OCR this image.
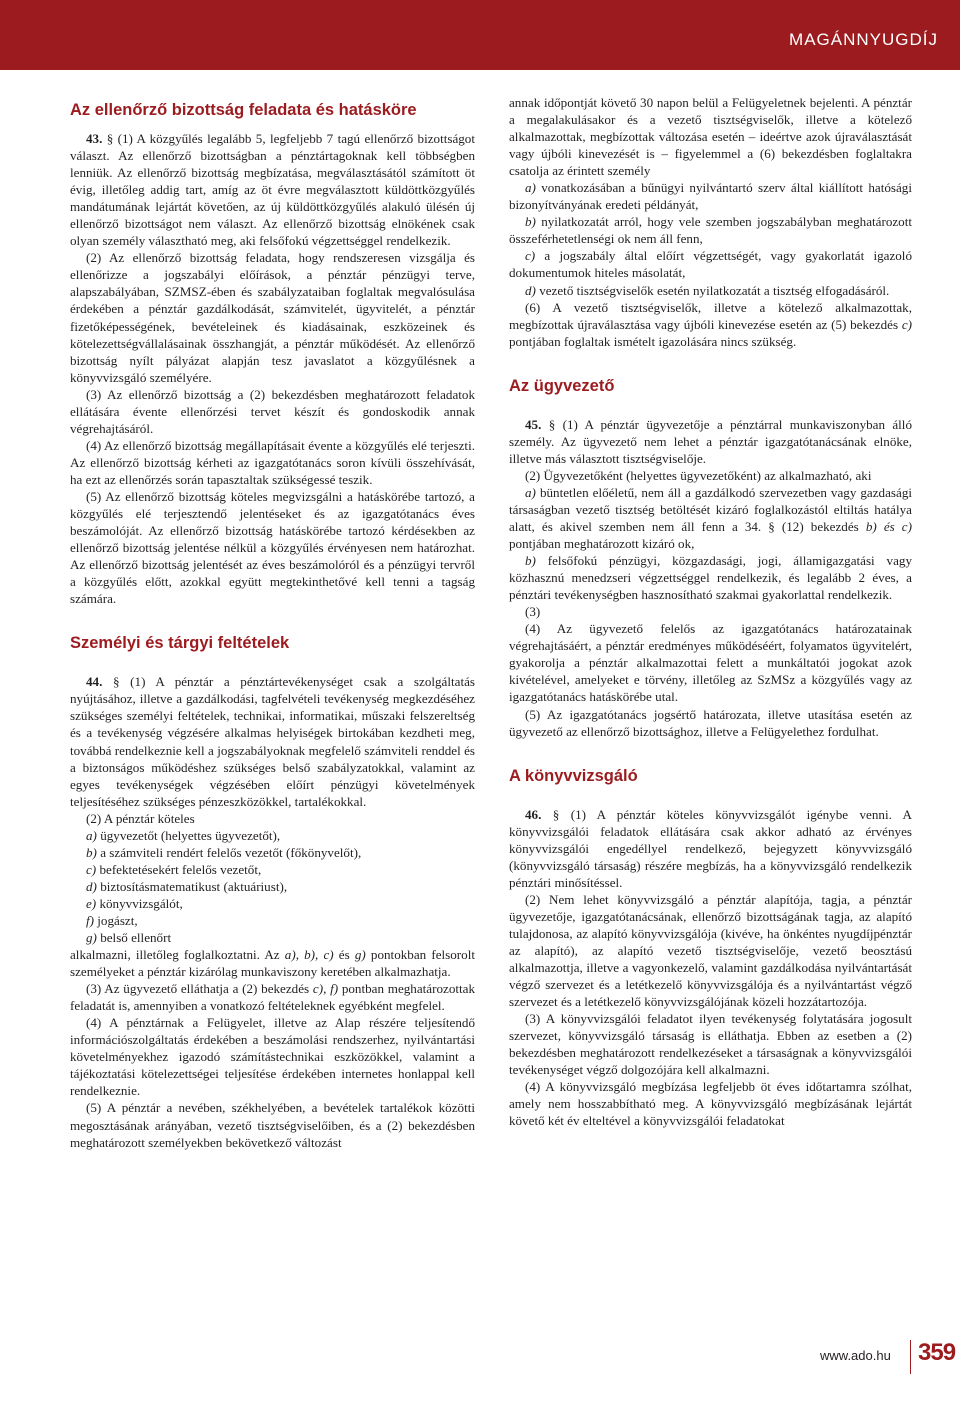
MAGÁNNYUGDÍJ
Az ellenőrző bizottság feladata és hatásköre

43. § (1) A közgyűlés legalább 5, legfeljebb 7 tagú ellenőrző bizottságot választ. Az ellenőrző bizottságban a pénztártagoknak kell többségben lenniük. Az ellenőrző bizottság megbízatása, megválasztásától számított öt évig, illetőleg addig tart, amíg az öt évre megválasztott küldöttközgyűlés mandátumának lejártát követően, az új küldöttközgyűlés alakuló ülésén új ellenőrző bizottságot nem választ. Az ellenőrző bizottság elnökének csak olyan személy választható meg, aki felsőfokú végzettséggel rendelkezik.

(2) Az ellenőrző bizottság feladata, hogy rendszeresen vizsgálja és ellenőrizze a jogszabályi előírások, a pénztár pénzügyi terve, alapszabályában, SZMSZ-ében és szabályzataiban foglaltak megvalósulása érdekében a pénztár gazdálkodását, számvitelét, ügyvitelét, a pénztár fizetőképességének, bevételeinek és kiadásainak, eszközeinek és kötelezettségvállalásainak összhangját, a pénztár működését. Az ellenőrző bizottság nyílt pályázat alapján tesz javaslatot a közgyűlésnek a könyvvizsgáló személyére.

(3) Az ellenőrző bizottság a (2) bekezdésben meghatározott feladatok ellátására évente ellenőrzési tervet készít és gondoskodik annak végrehajtásáról.

(4) Az ellenőrző bizottság megállapításait évente a közgyűlés elé terjeszti. Az ellenőrző bizottság kérheti az igazgatótanács soron kívüli összehívását, ha ezt az ellenőrzés során tapasztaltak szükségessé teszik.

(5) Az ellenőrző bizottság köteles megvizsgálni a hatáskörébe tartozó, a közgyűlés elé terjesztendő jelentéseket és az igazgatótanács éves beszámolóját. Az ellenőrző bizottság hatáskörébe tartozó kérdésekben az ellenőrző bizottság jelentése nélkül a közgyűlés érvényesen nem határozhat. Az ellenőrző bizottság jelentését az éves beszámolóról és a pénzügyi tervről a közgyűlés előtt, azokkal együtt megtekinthetővé kell tenni a tagság számára.

Személyi és tárgyi feltételek

44. § (1) A pénztár a pénztártevékenységet csak a szolgáltatás nyújtásához, illetve a gazdálkodási, tagfelvételi tevékenység megkezdéséhez szükséges személyi feltételek, technikai, informatikai, műszaki felszereltség és a tevékenység végzésére alkalmas helyiségek birtokában kezdheti meg, továbbá rendelkeznie kell a jogszabályoknak megfelelő számviteli renddel és a biztonságos működéshez szükséges belső szabályzatokkal, valamint az egyes tevékenységek végzésében előírt pénzügyi követelmények teljesítéséhez szükséges pénzeszközökkel, tartalékokkal.

(2) A pénztár köteles

a) ügyvezetőt (helyettes ügyvezetőt),

b) a számviteli rendért felelős vezetőt (főkönyvelőt),

c) befektetésekért felelős vezetőt,

d) biztosításmatematikust (aktuáriust),

e) könyvvizsgálót,

f) jogászt,

g) belső ellenőrt

alkalmazni, illetőleg foglalkoztatni. Az a), b), c) és g) pontokban felsorolt személyeket a pénztár kizárólag munkaviszony keretében alkalmazhatja.

(3) Az ügyvezető elláthatja a (2) bekezdés c), f) pontban meghatározottak feladatát is, amennyiben a vonatkozó feltételeknek egyébként megfelel.

(4) A pénztárnak a Felügyelet, illetve az Alap részére teljesítendő információszolgáltatás érdekében a beszámolási rendszerhez, nyilvántartási követelményekhez igazodó számítástechnikai eszközökkel, valamint a tájékoztatási kötelezettségei teljesítése érdekében internetes honlappal kell rendelkeznie.

(5) A pénztár a nevében, székhelyében, a bevételek tartalékok közötti megosztásának arányában, vezető tisztségviselőiben, és a (2) bekezdésben meghatározott személyekben bekövetkező változást

annak időpontját követő 30 napon belül a Felügyeletnek bejelenti. A pénztár a megalakulásakor és a vezető tisztségviselők, illetve a kötelező alkalmazottak, megbízottak változása esetén – ideértve azok újraválasztását vagy újbóli kinevezését is – figyelemmel a (6) bekezdésben foglaltakra csatolja az érintett személy

a) vonatkozásában a bűnügyi nyilvántartó szerv által kiállított hatósági bizonyítványának eredeti példányát,

b) nyilatkozatát arról, hogy vele szemben jogszabályban meghatározott összeférhetetlenségi ok nem áll fenn,

c) a jogszabály által előírt végzettségét, vagy gyakorlatát igazoló dokumentumok hiteles másolatát,

d) vezető tisztségviselők esetén nyilatkozatát a tisztség elfogadásáról.

(6) A vezető tisztségviselők, illetve a kötelező alkalmazottak, megbízottak újraválasztása vagy újbóli kinevezése esetén az (5) bekezdés c) pontjában foglaltak ismételt igazolására nincs szükség.

Az ügyvezető

45. § (1) A pénztár ügyvezetője a pénztárral munkaviszonyban álló személy. Az ügyvezető nem lehet a pénztár igazgatótanácsának elnöke, illetve más választott tisztségviselője.

(2) Ügyvezetőként (helyettes ügyvezetőként) az alkalmazható, aki

a) büntetlen előéletű, nem áll a gazdálkodó szervezetben vagy gazdasági társaságban vezető tisztség betöltését kizáró foglalkozástól eltiltás hatálya alatt, és akivel szemben nem áll fenn a 34. § (12) bekezdés b) és c) pontjában meghatározott kizáró ok,

b) felsőfokú pénzügyi, közgazdasági, jogi, államigazgatási vagy közhasznú menedzseri végzettséggel rendelkezik, és legalább 2 éves, a pénztári tevékenységben hasznosítható szakmai gyakorlattal rendelkezik.

(3)

(4) Az ügyvezető felelős az igazgatótanács határozatainak végrehajtásáért, a pénztár eredményes működéséért, folyamatos ügyvitelért, gyakorolja a pénztár alkalmazottai felett a munkáltatói jogokat azok kivételével, amelyeket e törvény, illetőleg az SzMSz a közgyűlés vagy az igazgatótanács hatáskörébe utal.

(5) Az igazgatótanács jogsértő határozata, illetve utasítása esetén az ügyvezető az ellenőrző bizottsághoz, illetve a Felügyelethez fordulhat.

A könyvvizsgáló

46. § (1) A pénztár köteles könyvvizsgálót igénybe venni. A könyvvizsgálói feladatok ellátására csak akkor adható az érvényes könyvvizsgálói engedéllyel rendelkező, bejegyzett könyvvizsgáló (könyvvizsgáló társaság) részére megbízás, ha a könyvvizsgáló rendelkezik pénztári minősítéssel.

(2) Nem lehet könyvvizsgáló a pénztár alapítója, tagja, a pénztár ügyvezetője, igazgatótanácsának, ellenőrző bizottságának tagja, az alapító tulajdonosa, az alapító könyvvizsgálója (kivéve, ha önkéntes nyugdíjpénztár az alapító), az alapító vezető tisztségviselője, vezető beosztású alkalmazottja, illetve a vagyonkezelő, valamint gazdálkodása nyilvántartását végző szervezet és a letétkezelő könyvvizsgálója és a nyilvántartást végző szervezet és a letétkezelő könyvvizsgálójának közeli hozzátartozója.

(3) A könyvvizsgálói feladatot ilyen tevékenység folytatására jogosult szervezet, könyvvizsgáló társaság is elláthatja. Ebben az esetben a (2) bekezdésben meghatározott rendelkezéseket a társaságnak a könyvvizsgálói tevékenységet végző dolgozójára kell alkalmazni.

(4) A könyvvizsgáló megbízása legfeljebb öt éves időtartamra szólhat, amely nem hosszabbítható meg. A könyvvizsgáló megbízásának lejártát követő két év elteltével a könyvvizsgálói feladatokat

www.ado.hu 359
